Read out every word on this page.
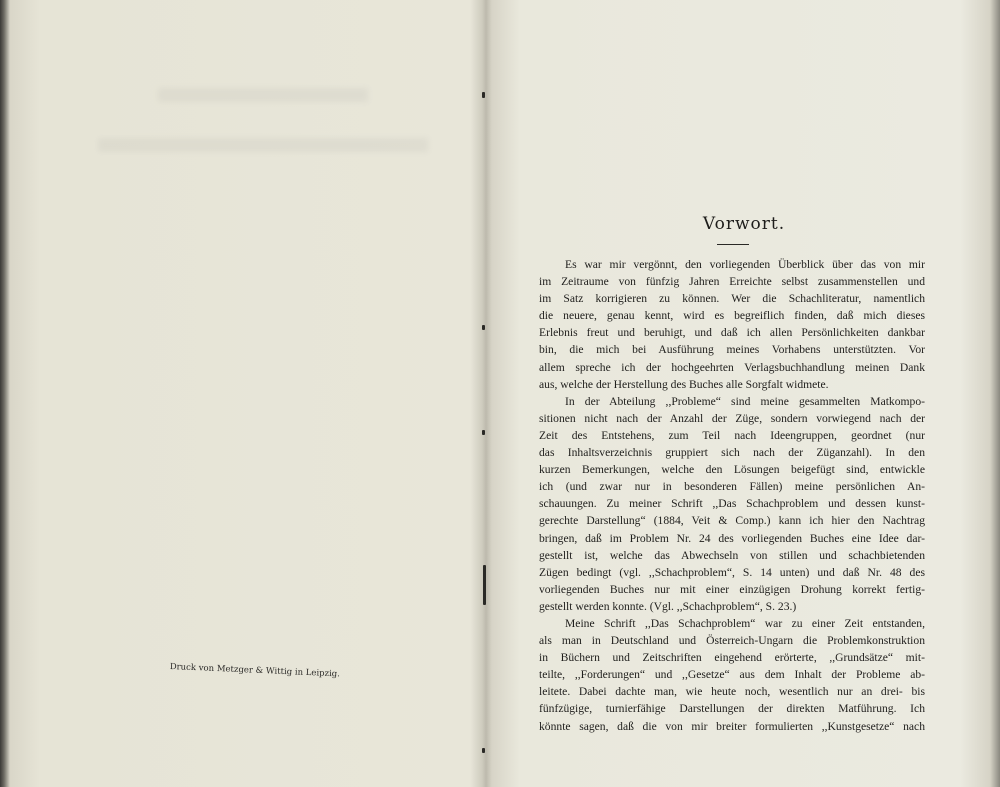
Druck von Metzger & Wittig in Leipzig.
Vorwort.

Es war mir vergönnt, den vorliegenden Überblick über das von mir
im Zeitraume von fünfzig Jahren Erreichte selbst zusammenstellen und
im Satz korrigieren zu können. Wer die Schachliteratur, namentlich
die neuere, genau kennt, wird es begreiflich finden, daß mich dieses
Erlebnis freut und beruhigt, und daß ich allen Persönlichkeiten dankbar
bin, die mich bei Ausführung meines Vorhabens unterstützten. Vor
allem spreche ich der hochgeehrten Verlagsbuchhandlung meinen Dank
aus, welche der Herstellung des Buches alle Sorgfalt widmete.

In der Abteilung ,,Probleme“ sind meine gesammelten Matkompo-
sitionen nicht nach der Anzahl der Züge, sondern vorwiegend nach der
Zeit des Entstehens, zum Teil nach Ideengruppen, geordnet (nur
das Inhaltsverzeichnis gruppiert sich nach der Züganzahl). In den
kurzen Bemerkungen, welche den Lösungen beigefügt sind, entwickle
ich (und zwar nur in besonderen Fällen) meine persönlichen An-
schauungen. Zu meiner Schrift ,,Das Schachproblem und dessen kunst-
gerechte Darstellung“ (1884, Veit & Comp.) kann ich hier den Nachtrag
bringen, daß im Problem Nr. 24 des vorliegenden Buches eine Idee dar-
gestellt ist, welche das Abwechseln von stillen und schachbietenden
Zügen bedingt (vgl. ,,Schachproblem“, S. 14 unten) und daß Nr. 48 des
vorliegenden Buches nur mit einer einzügigen Drohung korrekt fertig-
gestellt werden konnte. (Vgl. ,,Schachproblem“, S. 23.)

Meine Schrift ,,Das Schachproblem“ war zu einer Zeit entstanden,
als man in Deutschland und Österreich-Ungarn die Problemkonstruktion
in Büchern und Zeitschriften eingehend erörterte, ,,Grundsätze“ mit-
teilte, ,,Forderungen“ und ,,Gesetze“ aus dem Inhalt der Probleme ab-
leitete. Dabei dachte man, wie heute noch, wesentlich nur an drei- bis
fünfzügige, turnierfähige Darstellungen der direkten Matführung. Ich
könnte sagen, daß die von mir breiter formulierten ,,Kunstgesetze“ nach
